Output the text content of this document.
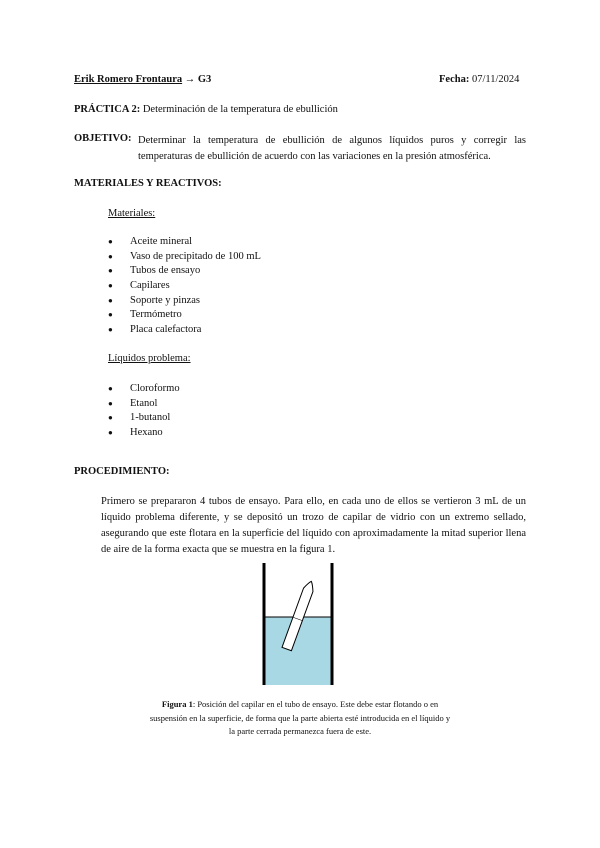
Erik Romero Frontaura → G3	Fecha: 07/11/2024
PRÁCTICA 2: Determinación de la temperatura de ebullición
OBJETIVO: Determinar la temperatura de ebullición de algunos líquidos puros y corregir las temperaturas de ebullición de acuerdo con las variaciones en la presión atmosférica.
MATERIALES Y REACTIVOS:
Materiales:
● Aceite mineral
● Vaso de precipitado de 100 mL
● Tubos de ensayo
● Capilares
● Soporte y pinzas
● Termómetro
● Placa calefactora
Líquidos problema:
● Cloroformo
● Etanol
● 1-butanol
● Hexano
PROCEDIMIENTO:
Primero se prepararon 4 tubos de ensayo. Para ello, en cada uno de ellos se vertieron 3 mL de un líquido problema diferente, y se depositó un trozo de capilar de vidrio con un extremo sellado, asegurando que este flotara en la superficie del líquido con aproximadamente la mitad superior llena de aire de la forma exacta que se muestra en la figura 1.
Figura 1: Posición del capilar en el tubo de ensayo. Este debe estar flotando o en suspensión en la superficie, de forma que la parte abierta esté introducida en el líquido y la parte cerrada permanezca fuera de este.
